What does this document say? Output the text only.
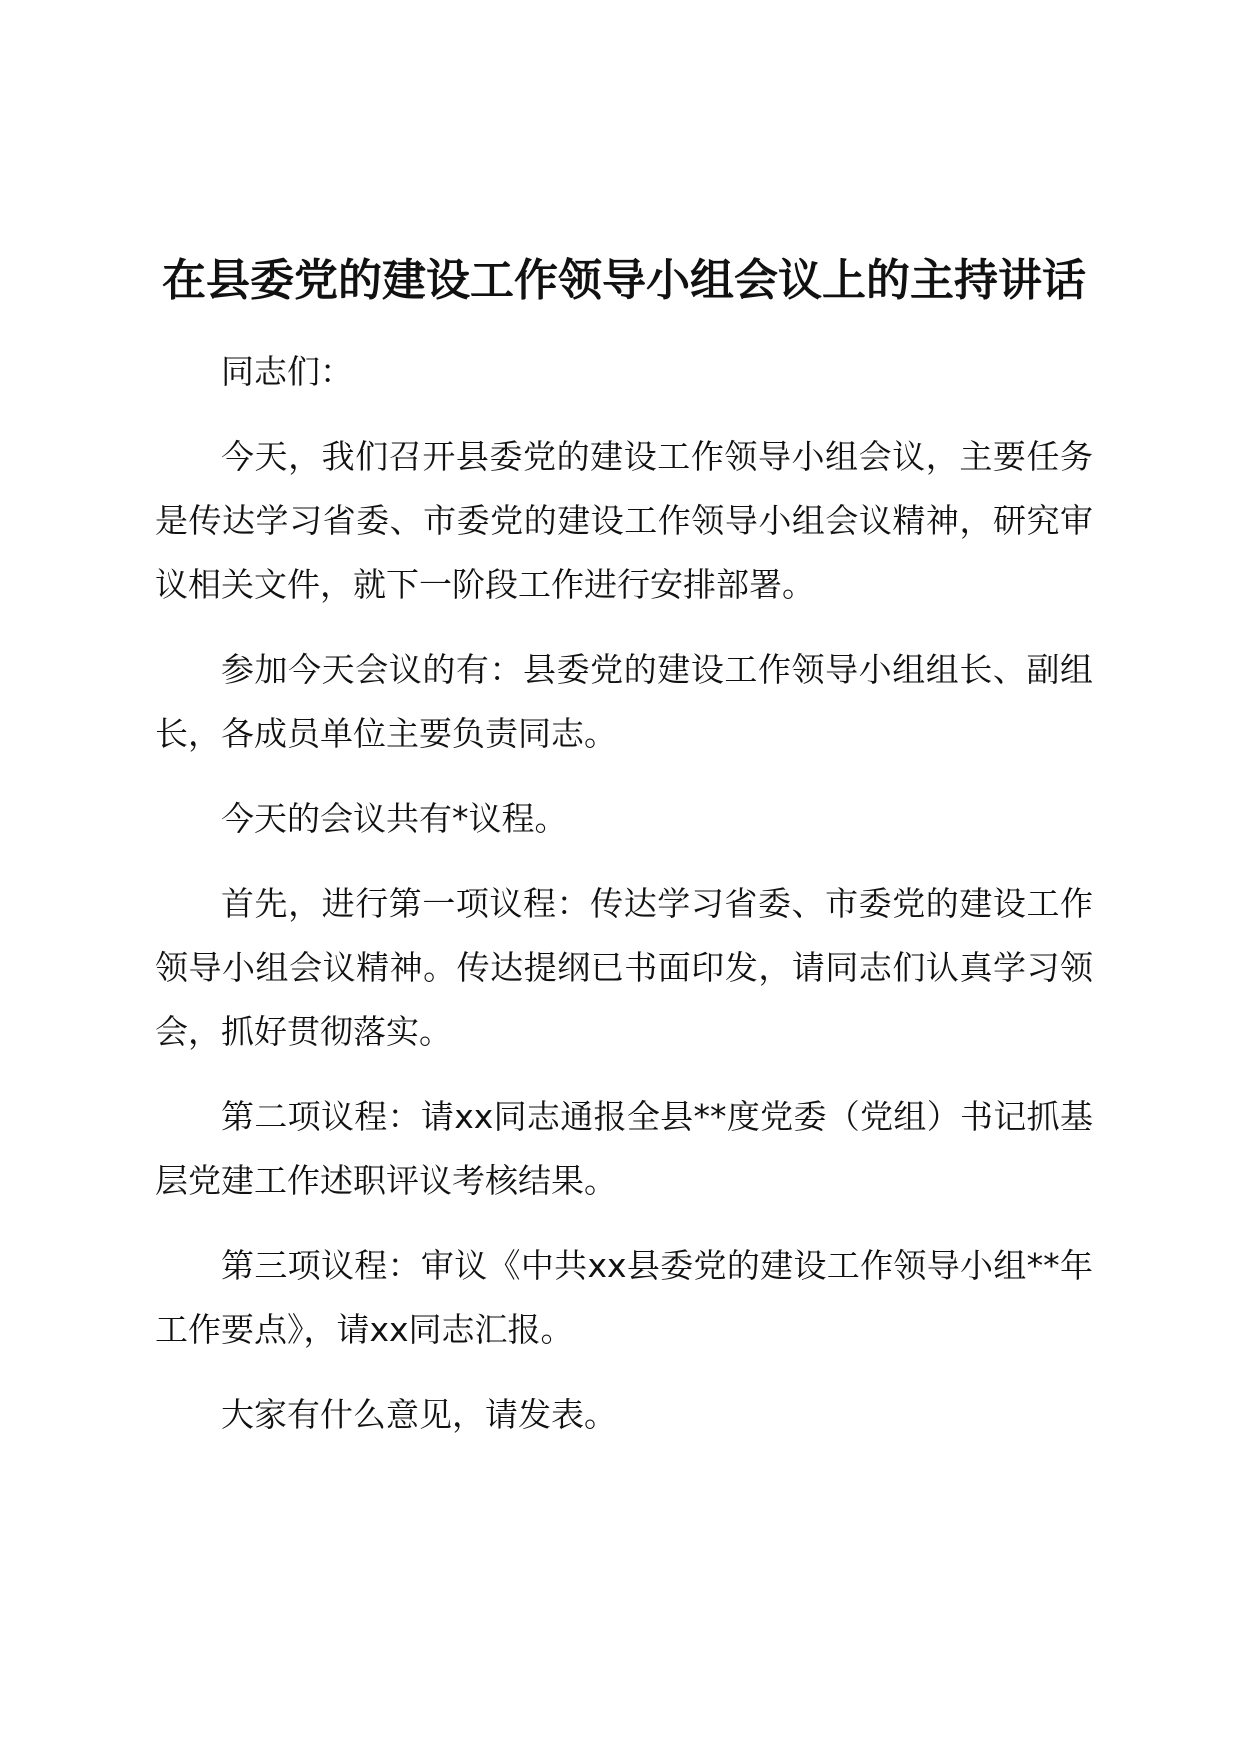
在县委党的建设工作领导小组会议上的主持讲话

同志们：

今天，我们召开县委党的建设工作领导小组会议，主要任务是传达学习省委、市委党的建设工作领导小组会议精神，研究审议相关文件，就下一阶段工作进行安排部署。

参加今天会议的有：县委党的建设工作领导小组组长、副组长，各成员单位主要负责同志。

今天的会议共有*议程。

首先，进行第一项议程：传达学习省委、市委党的建设工作领导小组会议精神。传达提纲已书面印发，请同志们认真学习领会，抓好贯彻落实。

第二项议程：请xx同志通报全县**度党委（党组）书记抓基层党建工作述职评议考核结果。

第三项议程：审议《中共xx县委党的建设工作领导小组**年工作要点》，请xx同志汇报。

大家有什么意见，请发表。
